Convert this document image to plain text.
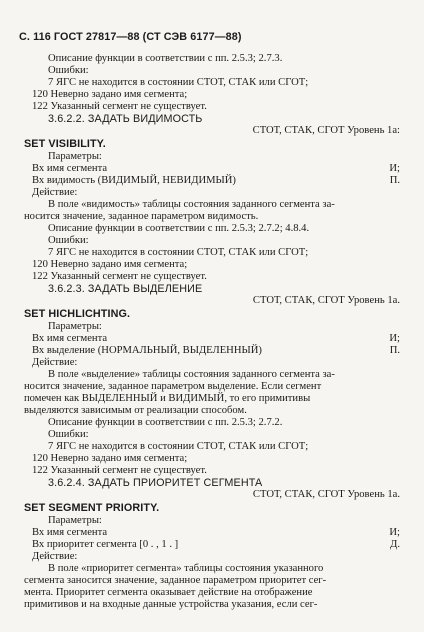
С. 116 ГОСТ 27817—88 (СТ СЭВ 6177—88)
Описание функции в соответствии с пп. 2.5.3; 2.7.3.
Ошибки:
7 ЯГС не находится в состоянии СТОТ, СТАК или СГОТ;
120 Неверно задано имя сегмента;
122 Указанный сегмент не существует.
3.6.2.2. ЗАДАТЬ ВИДИМОСТЬ
СТОТ, СТАК, СГОТ Уровень 1а:
SET VISIBILITY.
Параметры:
Вх имя сегмента	И;
Вх видимость (ВИДИМЫЙ, НЕВИДИМЫЙ)	П.
Действие:
В поле «видимость» таблицы состояния заданного сегмента за-
носится значение, заданное параметром видимость.
Описание функции в соответствии с пп. 2.5.3; 2.7.2; 4.8.4.
Ошибки:
7 ЯГС не находится в состоянии СТОТ, СТАК или СГОТ;
120 Неверно задано имя сегмента;
122 Указанный сегмент не существует.
3.6.2.3. ЗАДАТЬ ВЫДЕЛЕНИЕ
СТОТ, СТАК, СГОТ Уровень 1а.
SET HICHLICHTING.
Параметры:
Вх имя сегмента	И;
Вх выделение (НОРМАЛЬНЫЙ, ВЫДЕЛЕННЫЙ)	П.
Действие:
В поле «выделение» таблицы состояния заданного сегмента за-
носится значение, заданное параметром выделение. Если сегмент
помечен как ВЫДЕЛЕННЫЙ и ВИДИМЫЙ, то его примитивы
выделяются зависимым от реализации способом.
Описание функции в соответствии с пп. 2.5.3; 2.7.2.
Ошибки:
7 ЯГС не находится в состоянии СТОТ, СТАК или СГОТ;
120 Неверно задано имя сегмента;
122 Указанный сегмент не существует.
3.6.2.4. ЗАДАТЬ ПРИОРИТЕТ СЕГМЕНТА
СТОТ, СТАК, СГОТ Уровень 1а.
SET SEGMENT PRIORITY.
Параметры:
Вх имя сегмента	И;
Вх приоритет сегмента [0 . , 1 . ]	Д.
Действие:
В поле «приоритет сегмента» таблицы состояния указанного
сегмента заносится значение, заданное параметром приоритет сег-
мента. Приоритет сегмента оказывает действие на отображение
примитивов и на входные данные устройства указания, если сег-
